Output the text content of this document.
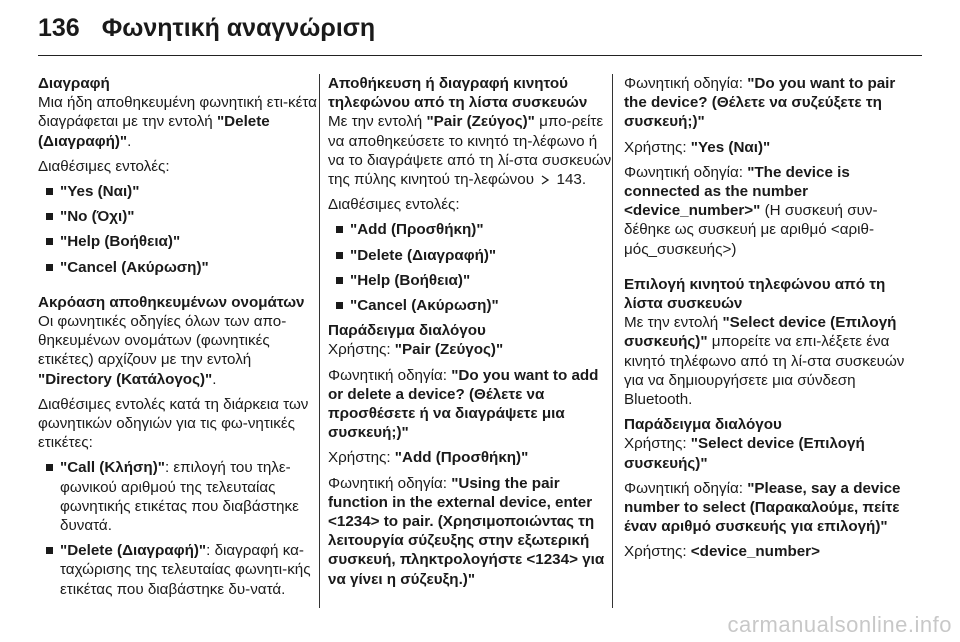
136 Φωνητική αναγνώριση
Διαγραφή
Μια ήδη αποθηκευμένη φωνητική ετι-κέτα διαγράφεται με την εντολή "Delete (Διαγραφή)".
Διαθέσιμες εντολές:
"Yes (Ναι)"
"No (Όχι)"
"Help (Βοήθεια)"
"Cancel (Ακύρωση)"
Ακρόαση αποθηκευμένων ονομάτων
Οι φωνητικές οδηγίες όλων των απο-θηκευμένων ονομάτων (φωνητικές ετικέτες) αρχίζουν με την εντολή "Directory (Κατάλογος)".
Διαθέσιμες εντολές κατά τη διάρκεια των φωνητικών οδηγιών για τις φω-νητικές ετικέτες:
"Call (Κλήση)": επιλογή του τηλε-φωνικού αριθμού της τελευταίας φωνητικής ετικέτας που διαβάστηκε δυνατά.
"Delete (Διαγραφή)": διαγραφή κα-ταχώρισης της τελευταίας φωνητι-κής ετικέτας που διαβάστηκε δυ-νατά.
Αποθήκευση ή διαγραφή κινητού τηλεφώνου από τη λίστα συσκευών
Με την εντολή "Pair (Ζεύγος)" μπο-ρείτε να αποθηκεύσετε το κινητό τη-λέφωνο ή να το διαγράψετε από τη λί-στα συσκευών της πύλης κινητού τη-λεφώνου  143.
Διαθέσιμες εντολές:
"Add (Προσθήκη)"
"Delete (Διαγραφή)"
"Help (Βοήθεια)"
"Cancel (Ακύρωση)"
Παράδειγμα διαλόγου
Χρήστης: "Pair (Ζεύγος)"
Φωνητική οδηγία: "Do you want to add or delete a device? (Θέλετε να προσθέσετε ή να διαγράψετε μια συσκευή;)"
Χρήστης: "Add (Προσθήκη)"
Φωνητική οδηγία: "Using the pair function in the external device, enter <1234> to pair. (Χρησιμοποιώντας τη λειτουργία σύζευξης στην εξωτερική συσκευή, πληκτρολογήστε <1234> για να γίνει η σύζευξη.)"
Φωνητική οδηγία: "Do you want to pair the device? (Θέλετε να συζεύξετε τη συσκευή;)"
Χρήστης: "Yes (Ναι)"
Φωνητική οδηγία: "The device is connected as the number <device_number>" (Η συσκευή συν-δέθηκε ως συσκευή με αριθμό <αριθ-μός_συσκευής>)
Επιλογή κινητού τηλεφώνου από τη λίστα συσκευών
Με την εντολή "Select device (Επιλογή συσκευής)" μπορείτε να επι-λέξετε ένα κινητό τηλέφωνο από τη λί-στα συσκευών για να δημιουργήσετε μια σύνδεση Bluetooth.
Παράδειγμα διαλόγου
Χρήστης: "Select device (Επιλογή συσκευής)"
Φωνητική οδηγία: "Please, say a device number to select (Παρακαλούμε, πείτε έναν αριθμό συσκευής για επιλογή)"
Χρήστης: <device_number>
carmanualsonline.info
